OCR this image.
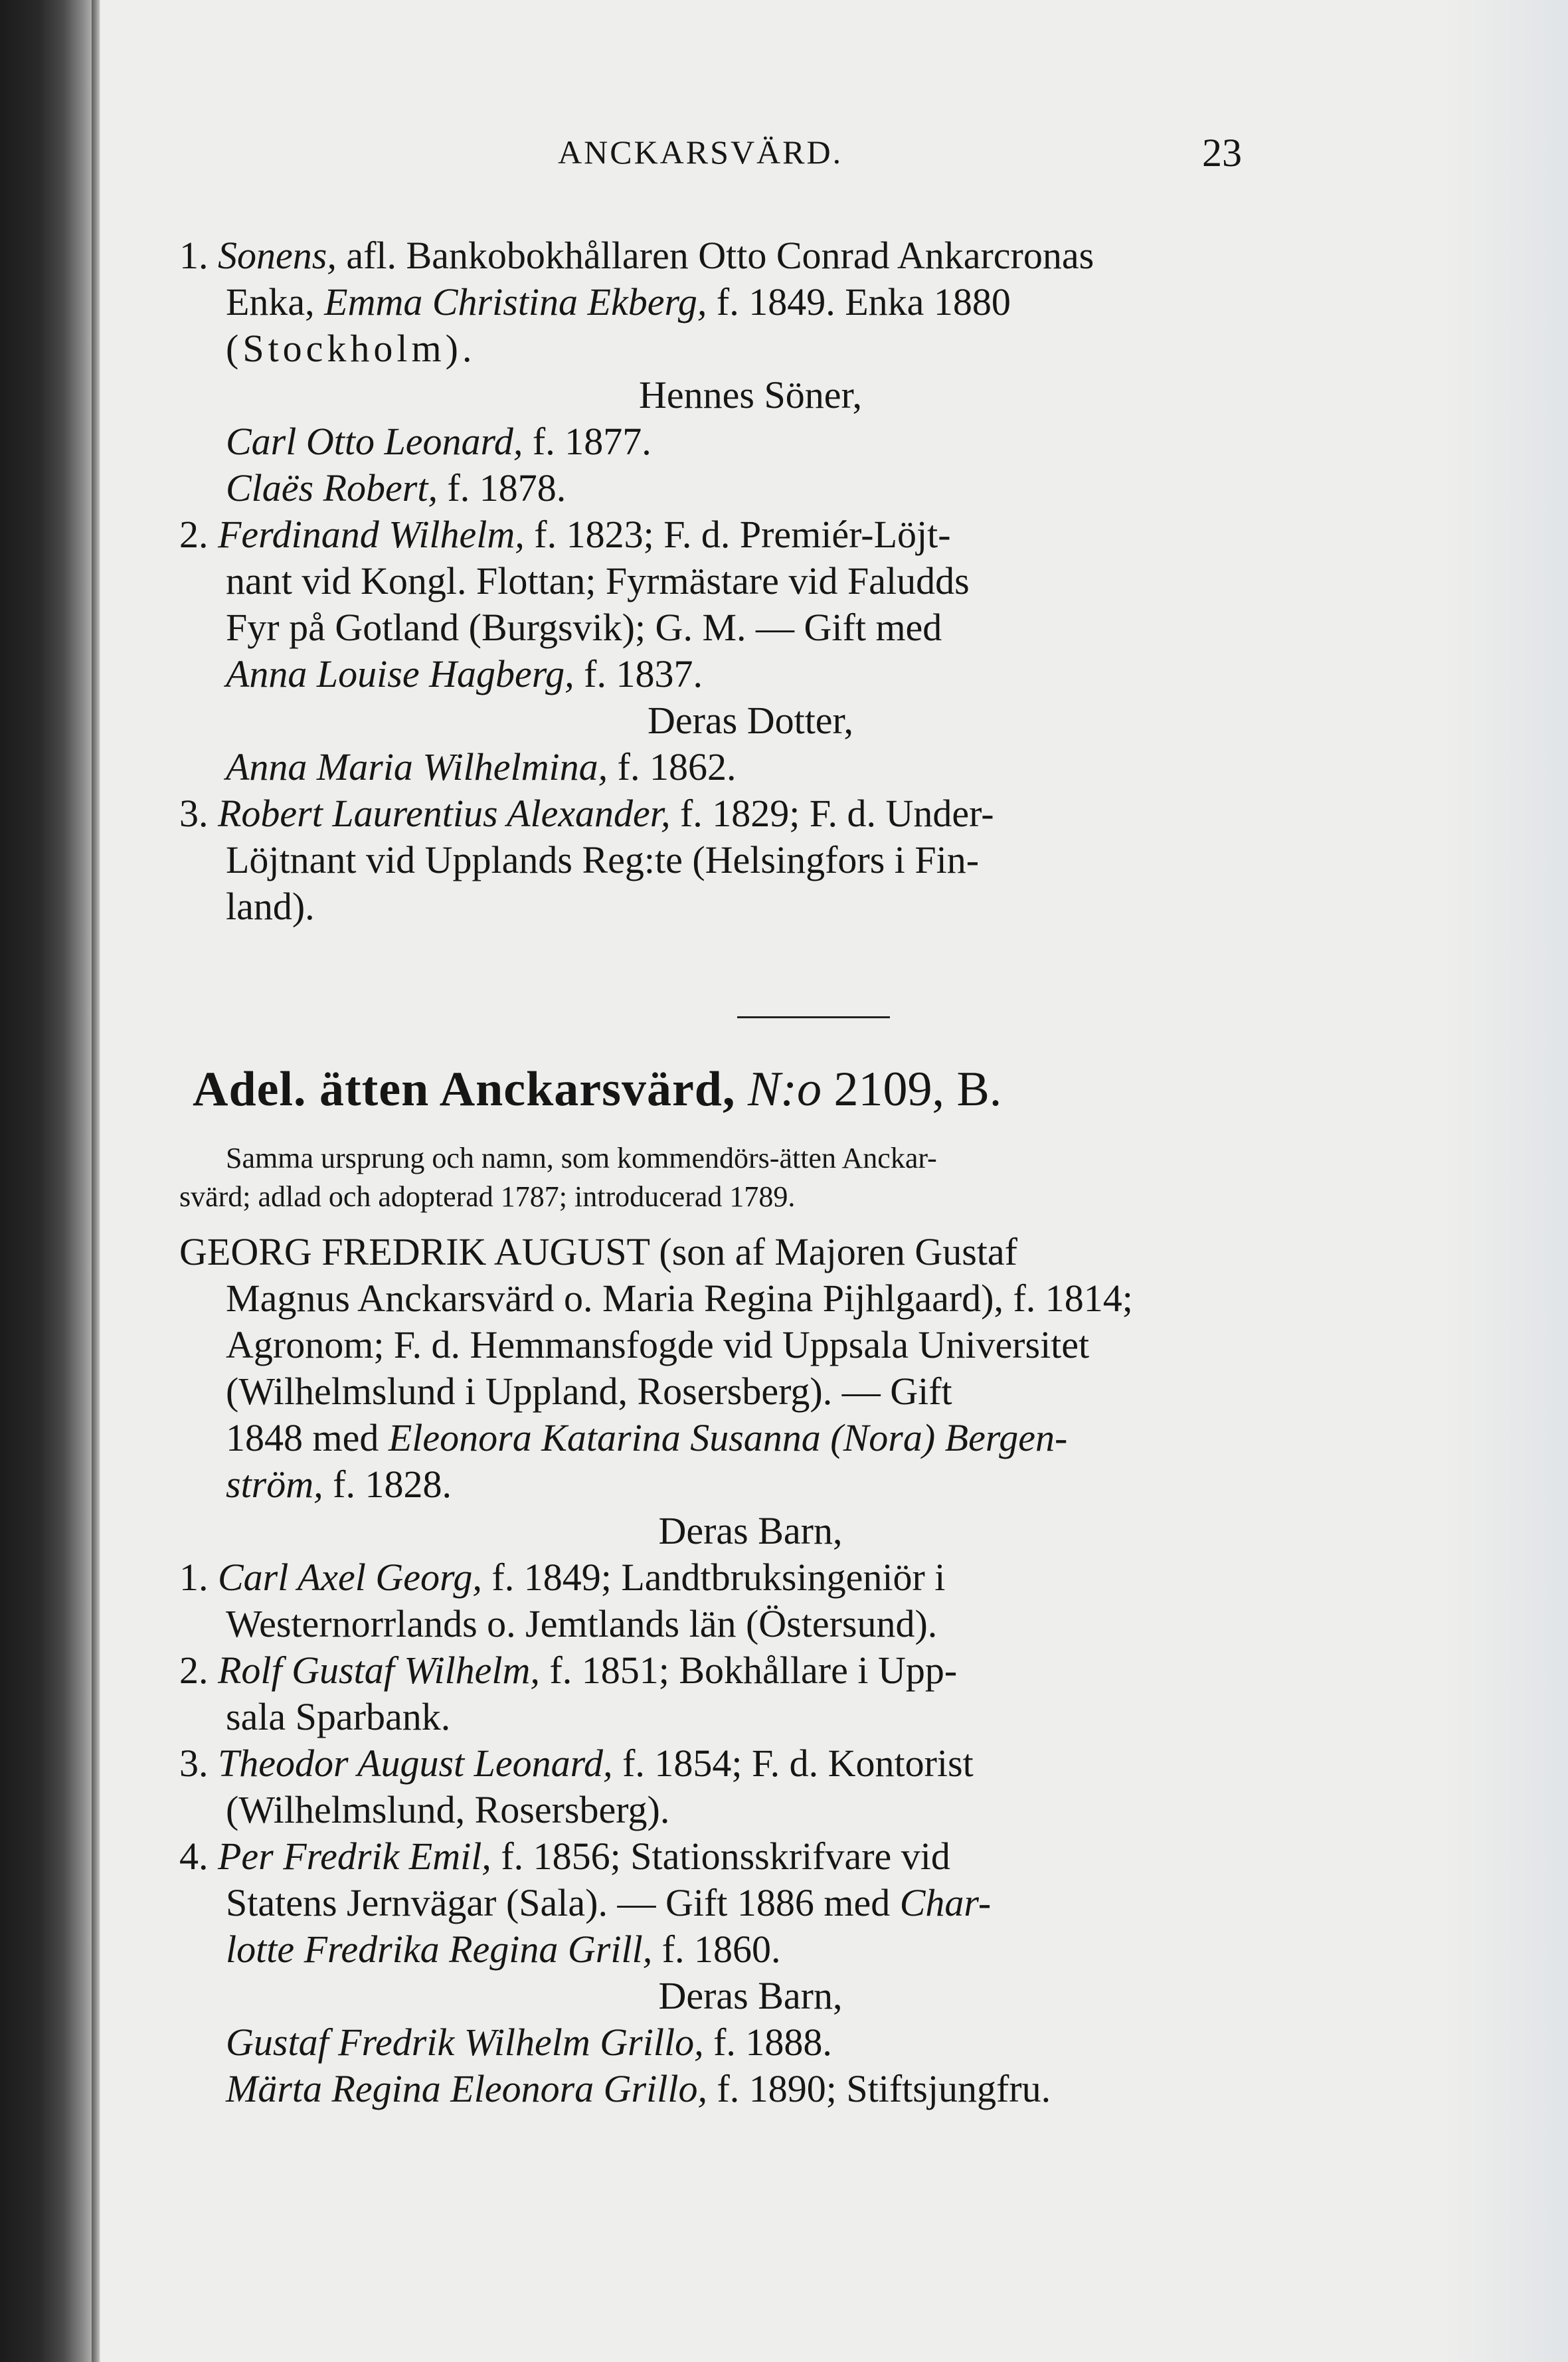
ANCKARSVÄRD.	23
1. Sonens, afl. Bankobokhållaren Otto Conrad Ankarcronas
Enka, Emma Christina Ekberg, f. 1849. Enka 1880
(Stockholm).
Hennes Söner,
Carl Otto Leonard, f. 1877.
Claës Robert, f. 1878.
2. Ferdinand Wilhelm, f. 1823; F. d. Premiér-Löjt-
nant vid Kongl. Flottan; Fyrmästare vid Faludds
Fyr på Gotland (Burgsvik); G. M. — Gift med
Anna Louise Hagberg, f. 1837.
Deras Dotter,
Anna Maria Wilhelmina, f. 1862.
3. Robert Laurentius Alexander, f. 1829; F. d. Under-
Löjtnant vid Upplands Reg:te (Helsingfors i Fin-
land).
Adel. ätten Anckarsvärd, N:o 2109, B.
Samma ursprung och namn, som kommendörs-ätten Anckar-
svärd; adlad och adopterad 1787; introducerad 1789.
GEORG FREDRIK AUGUST (son af Majoren Gustaf
Magnus Anckarsvärd o. Maria Regina Pijhlgaard), f. 1814;
Agronom; F. d. Hemmansfogde vid Uppsala Universitet
(Wilhelmslund i Uppland, Rosersberg). — Gift
1848 med Eleonora Katarina Susanna (Nora) Bergen-
ström, f. 1828.
Deras Barn,
1. Carl Axel Georg, f. 1849; Landtbruksingeniör i
Westernorrlands o. Jemtlands län (Östersund).
2. Rolf Gustaf Wilhelm, f. 1851; Bokhållare i Upp-
sala Sparbank.
3. Theodor August Leonard, f. 1854; F. d. Kontorist
(Wilhelmslund, Rosersberg).
4. Per Fredrik Emil, f. 1856; Stationsskrifvare vid
Statens Jernvägar (Sala). — Gift 1886 med Char-
lotte Fredrika Regina Grill, f. 1860.
Deras Barn,
Gustaf Fredrik Wilhelm Grillo, f. 1888.
Märta Regina Eleonora Grillo, f. 1890; Stiftsjungfru.
